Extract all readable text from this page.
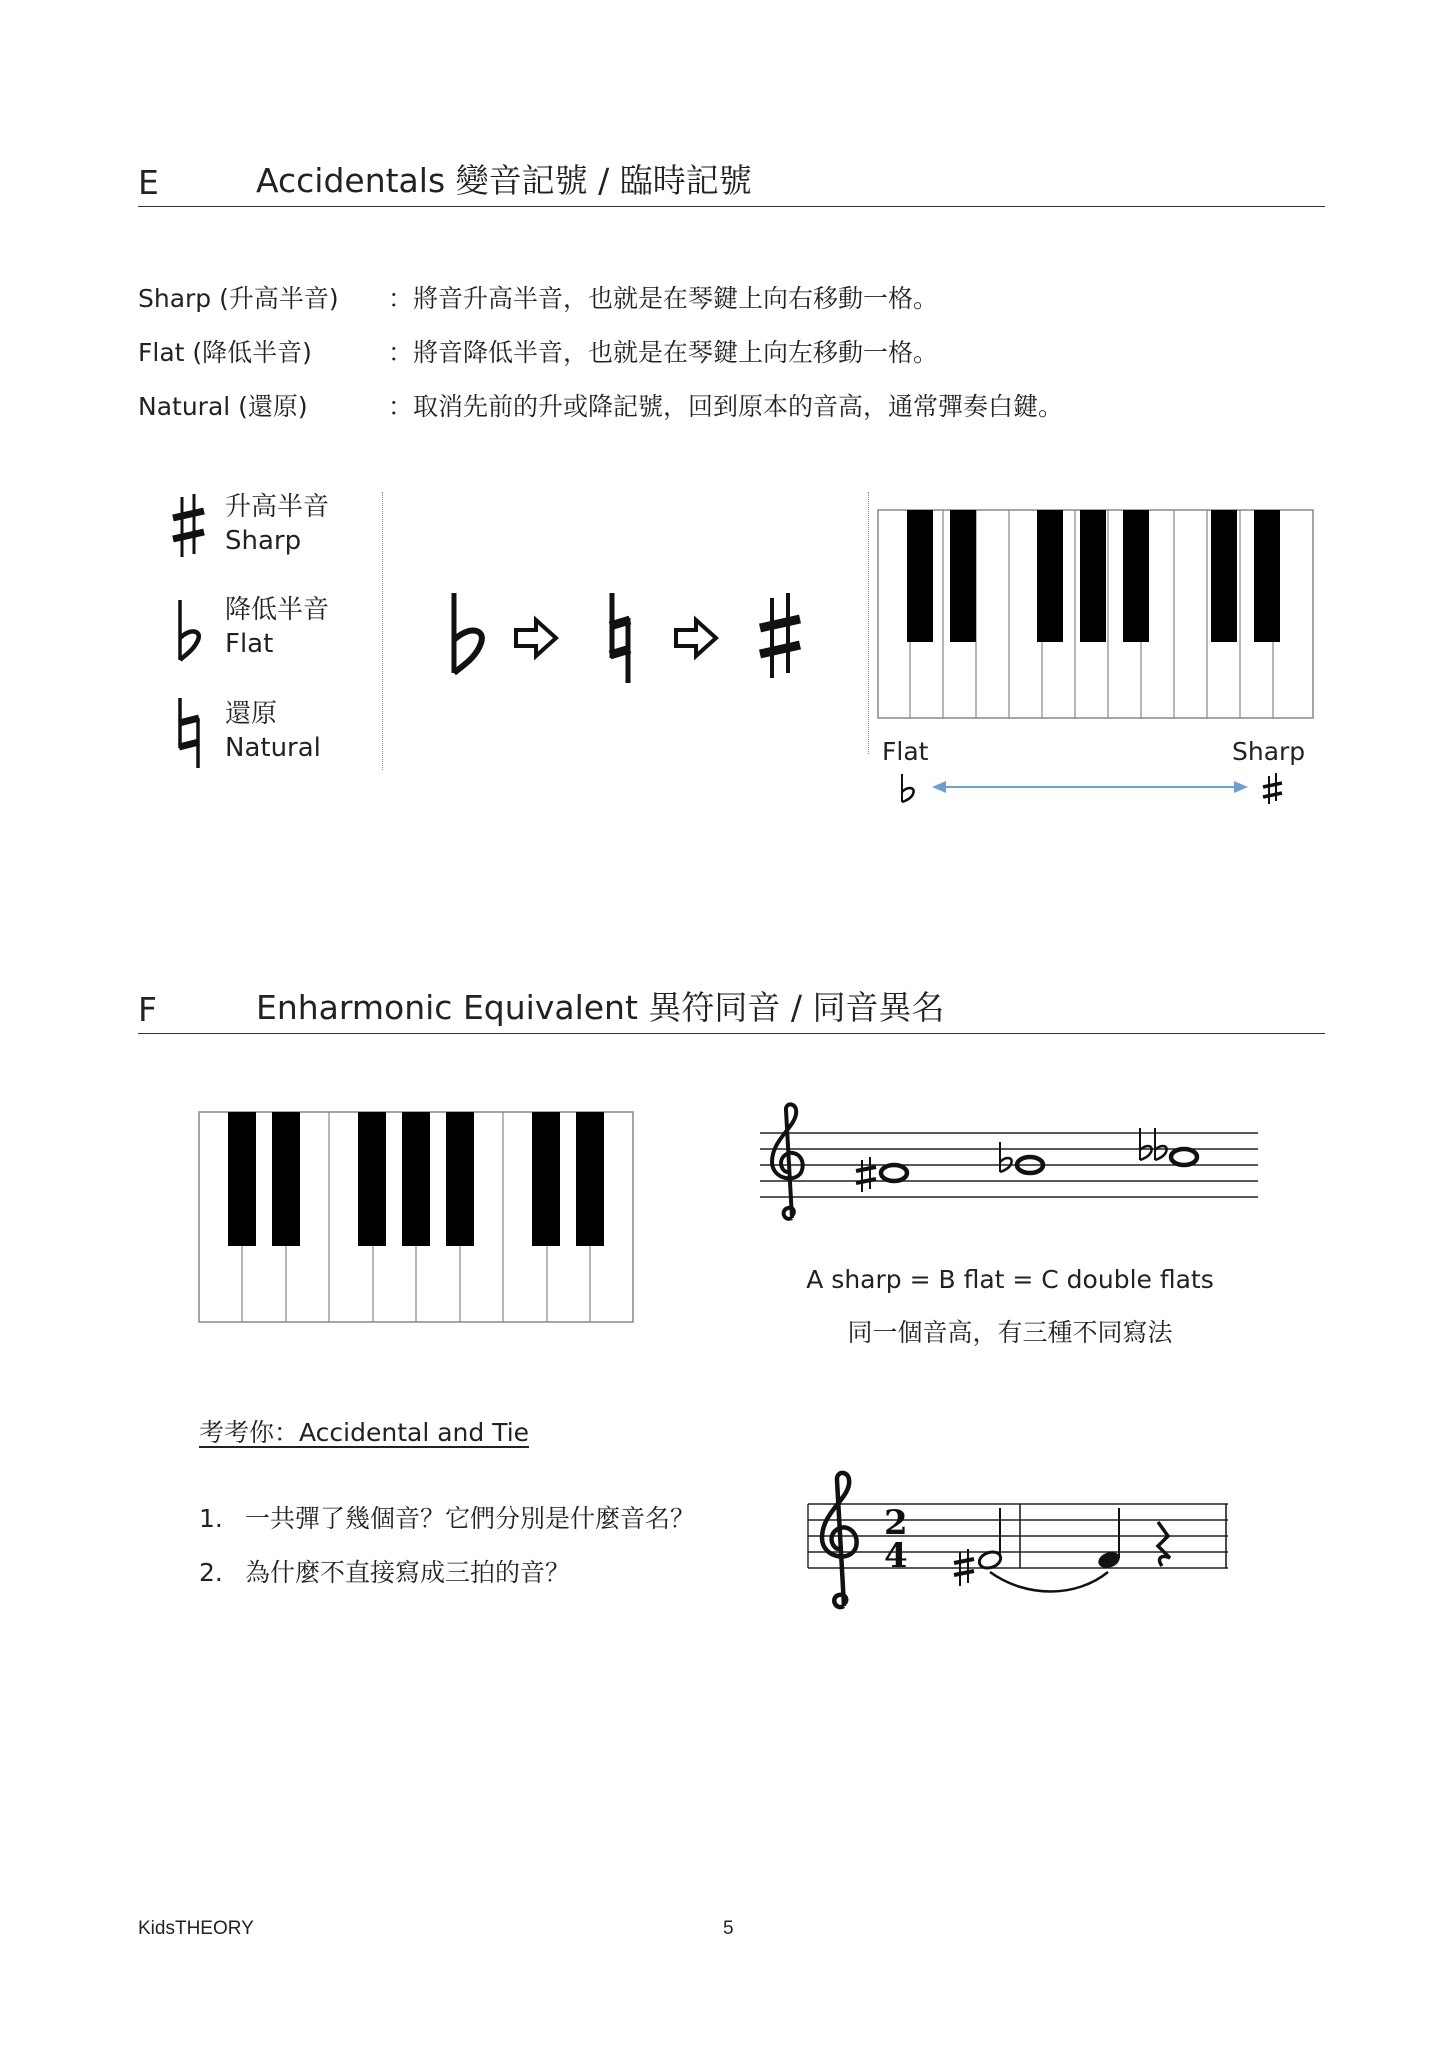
E	Accidentals 變音記號 / 臨時記號
Sharp (升高半音) ：將音升高半音，也就是在琴鍵上向右移動一格。
Flat (降低半音)	：將音降低半音，也就是在琴鍵上向左移動一格。
Natural (還原)	：取消先前的升或降記號，回到原本的音高，通常彈奏白鍵。
升高半音
Sharp
降低半音
Flat
還原
Natural	Flat	Sharp
F	Enharmonic Equivalent 異符同音 / 同音異名
A sharp = B flat = C double flats
同一個音高，有三種不同寫法
考考你：Accidental and Tie
1. 一共彈了幾個音？它們分別是什麼音名？
2. 為什麼不直接寫成三拍的音？
2
4
KidsTHEORY	5
